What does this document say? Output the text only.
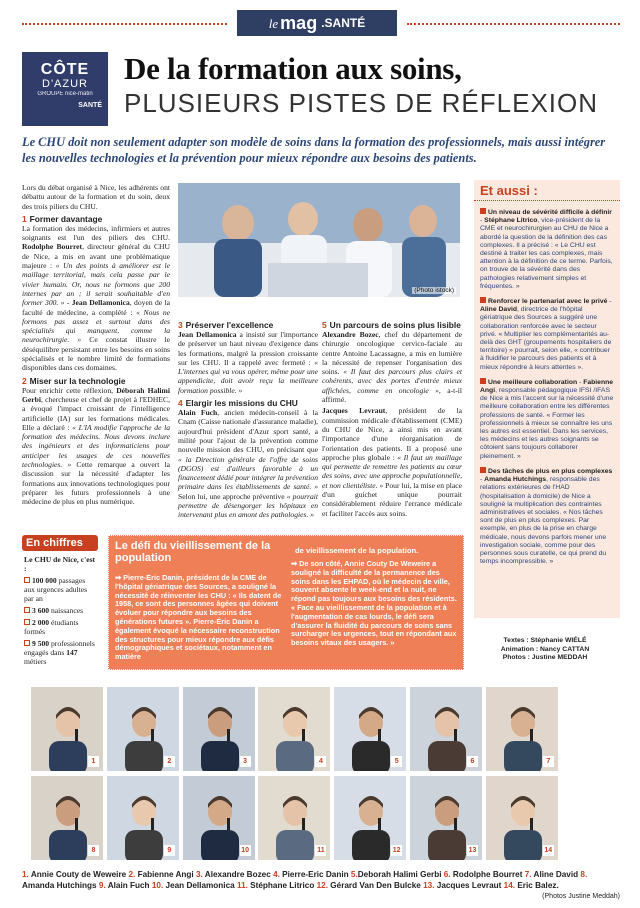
le mag .SANTÉ
CÔTE
D'AZUR
GROUPE nice-matin
SANTÉ
De la formation aux soins,
PLUSIEURS PISTES DE RÉFLEXION
Le CHU doit non seulement adapter son modèle de soins dans la formation des professionnels, mais aussi intégrer les nouvelles technologies et la prévention pour mieux répondre aux besoins des patients.

Lors du débat organisé à Nice, les adhérents ont débattu autour de la formation et du soin, deux des trois piliers du CHU.

1 Former davantage

La formation des médecins, infirmiers et autres soignants est l'un des piliers des CHU. Rodolphe Bourret, directeur général du CHU de Nice, a mis en avant une problématique majeure : « Un des points à améliorer est le maillage territorial, mais cela passe par le vivier humain. Or, nous ne formons que 200 internes par an ; il serait souhaitable d'en former 300. » - Jean Dellamonica, doyen de la faculté de médecine, a complété : « Nous ne formons pas assez et surtout dans des spécialités qui manquent, comme la neurochirurgie. » Ce constat illustre le déséquilibre persistant entre les besoins en soins spécialisés et le nombre limité de formations disponibles dans ces domaines.

2 Miser sur la technologie

Pour enrichir cette réflexion, Déborah Halimi Gerbi, chercheuse et chef de projet à l'EDHEC, a évoqué l'impact croissant de l'intelligence artificielle (IA) sur les formations médicales. Elle a déclaré : « L'IA modifie l'approche de la formation des médecins. Nous devons inclure des ingénieurs et des informaticiens pour anticiper les usages de ces nouvelles technologies. » Cette remarque a ouvert la discussion sur la nécessité d'adapter les formations aux innovations technologiques pour préparer les futurs professionnels à une médecine de plus en plus numérique.

(Photo istock)
3 Préserver l'excellence

Jean Dellamonica a insisté sur l'importance de préserver un haut niveau d'exigence dans les formations, malgré la pression croissante sur les CHU. Il a rappelé avec fermeté : « L'internes qui va vous opérer, même pour une appendicite, doit avoir reçu la meilleure formation possible. »

4 Elargir les missions du CHU

Alain Fuch, ancien médecin-conseil à la Cnam (Caisse nationale d'assurance maladie), aujourd'hui président d'Azur sport santé, a milité pour l'ajout de la prévention comme nouvelle mission des CHU, en précisant que « la Direction générale de l'offre de soins (DGOS) est d'ailleurs favorable à un financement dédié pour intégrer la prévention primaire dans les établissements de santé. » Selon lui, une approche préventive « pourrait permettre de désengorger les hôpitaux en intervenant plus en amont des pathologies. »

5 Un parcours de soins plus lisible

Alexandre Bozec, chef du département de chirurgie oncologique cervico-faciale au centre Antoine Lacassagne, a mis en lumière la nécessité de repenser l'organisation des soins. « Il faut des parcours plus clairs et cohérents, avec des portes d'entrée mieux affichées, comme en oncologie », a-t-il affirmé.

Jacques Levraut, président de la commission médicale d'établissement (CME) du CHU de Nice, a ainsi mis en avant l'importance d'une réorganisation de l'orientation des patients. Il a proposé une approche plus globale : « Il faut un maillage qui permette de remettre les patients au cœur des soins, avec une approche populationnelle, et non clientéliste. » Pour lui, la mise en place d'un guichet unique pourrait considérablement réduire l'errance médicale et faciliter l'accès aux soins.

Et aussi :
Un niveau de sévérité difficile à définir - Stéphane Litrico, vice-président de la CME et neurochirurgien au CHU de Nice a abordé la question de la définition des cas complexes. Il a précisé : « Le CHU est destiné à traiter les cas complexes, mais attention à la définition de ce terme. Parfois, on trouve de la sévérité dans des pathologies relativement simples et fréquentes. »
Renforcer le partenariat avec le privé - Aline David, directrice de l'hôpital gériatrique des Sources a suggéré une collaboration renforcée avec le secteur privé. « Multiplier les complémentarités au-delà des GHT (groupements hospitaliers de territoire) » pourrait, selon elle, « contribuer à fluidifier le parcours des patients et à mieux répondre à leurs attentes ».
Une meilleure collaboration - Fabienne Angi, responsable pédagogique IFSI /IFAS de Nice a mis l'accent sur la nécessité d'une meilleure collaboration entre les différentes professions de santé. « Former les professionnels à mieux se connaître les uns les autres est essentiel. Dans les services, les médecins et les autres soignants se côtoient sans toujours collaborer pleinement. »
Des tâches de plus en plus complexes - Amanda Hutchings, responsable des relations extérieures de l'HAD (hospitalisation à domicile) de Nice a souligné la multiplication des contraintes administratives et sociales. « Nos tâches sont de plus en plus complexes. Par exemple, en plus de la prise en charge médicale, nous devons parfois mener une investigation sociale, comme pour des personnes sous curatelle, ce qui prend du temps incompressible. »
Textes : Stéphanie WIÉLÉ
Animation : Nancy CATTAN
Photos : Justine MEDDAH
En chiffres
Le CHU de Nice, c'est :
100 000 passages aux urgences adultes par an
3 600 naissances
2 000 étudiants formés
9 500 professionnels engagés dans 147 métiers
Le défi du vieillissement de la population
de vieillissement de la population.
➡ Pierre-Éric Danin, président de la CME de l'hôpital gériatrique des Sources, a souligné la nécessité de réinventer les CHU : « Ils datent de 1958, ce sont des personnes âgées qui doivent évoluer pour répondre aux besoins des générations futures ». Pierre-Éric Danin a également évoqué la nécessaire reconstruction des structures pour mieux répondre aux défis démographiques et sociétaux, notamment en matière
➡ De son côté, Annie Couty De Weweire a souligné la difficulté de la permanence des soins dans les EHPAD, où le médecin de ville, souvent absente le week-end et la nuit, ne répond pas toujours aux besoins des résidents. « Face au vieillissement de la population et à l'augmentation de cas lourds, le défi sera d'assurer la fluidité du parcours de soins sans surcharger les urgences, tout en répondant aux besoins vitaux des usagers. »
1	2	3	4	5	6	7
8	9	10	11	12	13	14
1. Annie Couty de Weweire 2. Fabienne Angi 3. Alexandre Bozec 4. Pierre-Eric Danin 5.Deborah Halimi Gerbi 6. Rodolphe Bourret 7. Aline David 8. Amanda Hutchings 9. Alain Fuch 10. Jean Dellamonica 11. Stéphane Litrico 12. Gérard Van Den Bulcke 13. Jacques Levraut 14. Eric Balez.
(Photos Justine Meddah)
